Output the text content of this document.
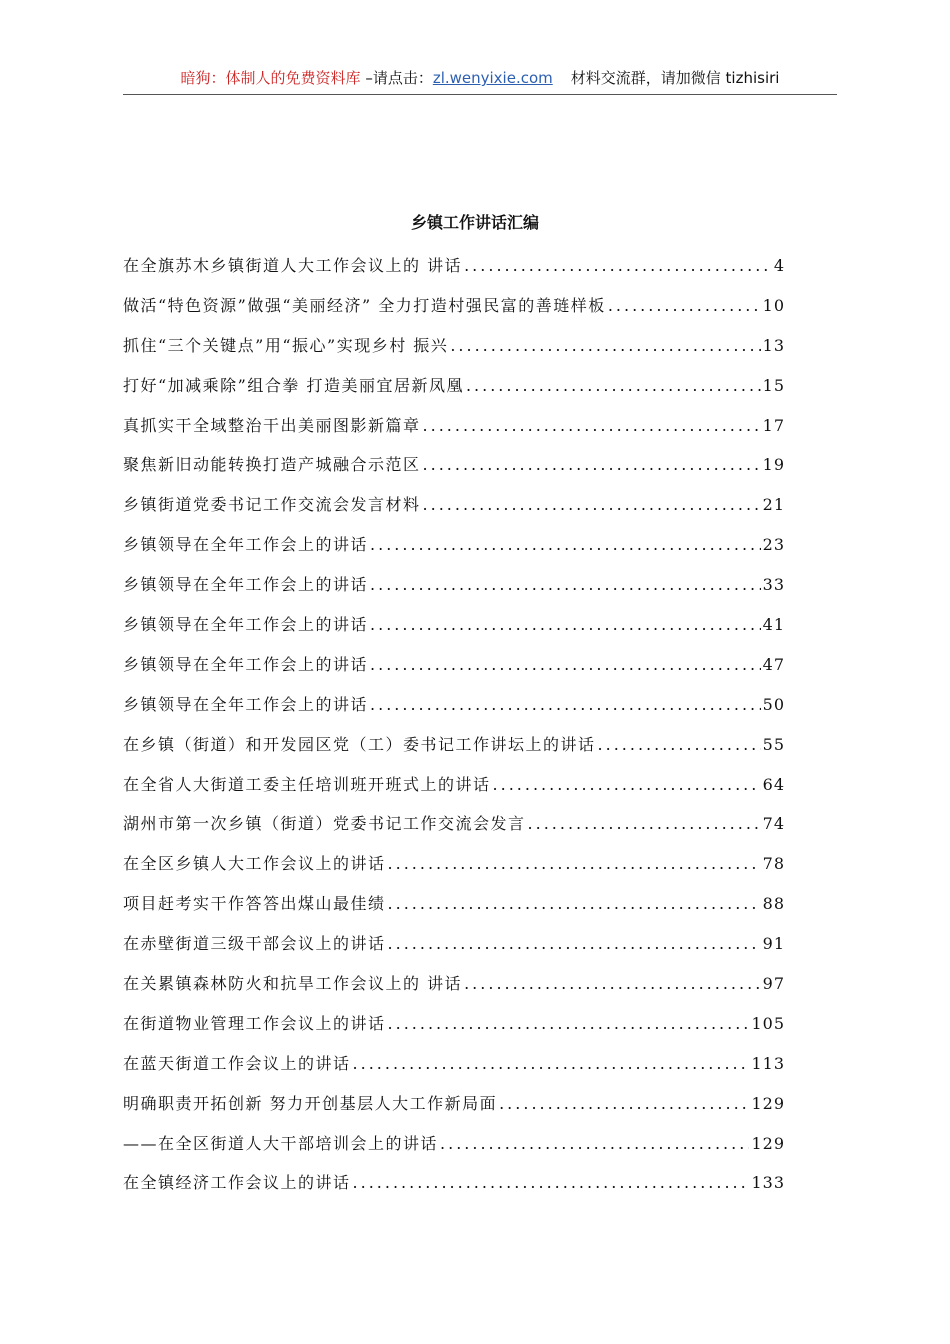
暗狗：体制人的免费资料库 –请点击：zl.wenyixie.com 材料交流群，请加微信 tizhisiri
乡镇工作讲话汇编
在全旗苏木乡镇街道人大工作会议上的 讲话 .....	4
做活“特色资源”做强“美丽经济” 全力打造村强民富的善琏样板 .....	10
抓住“三个关键点”用“振心”实现乡村 振兴 .....	13
打好“加减乘除”组合拳 打造美丽宜居新凤凰 .....	15
真抓实干全域整治干出美丽图影新篇章 .....	17
聚焦新旧动能转换打造产城融合示范区 .....	19
乡镇街道党委书记工作交流会发言材料 .....	21
乡镇领导在全年工作会上的讲话 .....	23
乡镇领导在全年工作会上的讲话 .....	33
乡镇领导在全年工作会上的讲话 .....	41
乡镇领导在全年工作会上的讲话 .....	47
乡镇领导在全年工作会上的讲话 .....	50
在乡镇（街道）和开发园区党（工）委书记工作讲坛上的讲话 .....	55
在全省人大街道工委主任培训班开班式上的讲话 .....	64
湖州市第一次乡镇（街道）党委书记工作交流会发言 .....	74
在全区乡镇人大工作会议上的讲话 .....	78
项目赶考实干作答答出煤山最佳绩 .....	88
在赤壁街道三级干部会议上的讲话 .....	91
在关累镇森林防火和抗旱工作会议上的 讲话 .....	97
在街道物业管理工作会议上的讲话 .....	105
在蓝天街道工作会议上的讲话 .....	113
明确职责开拓创新 努力开创基层人大工作新局面 .....	129
——在全区街道人大干部培训会上的讲话 .....	129
在全镇经济工作会议上的讲话 .....	133
